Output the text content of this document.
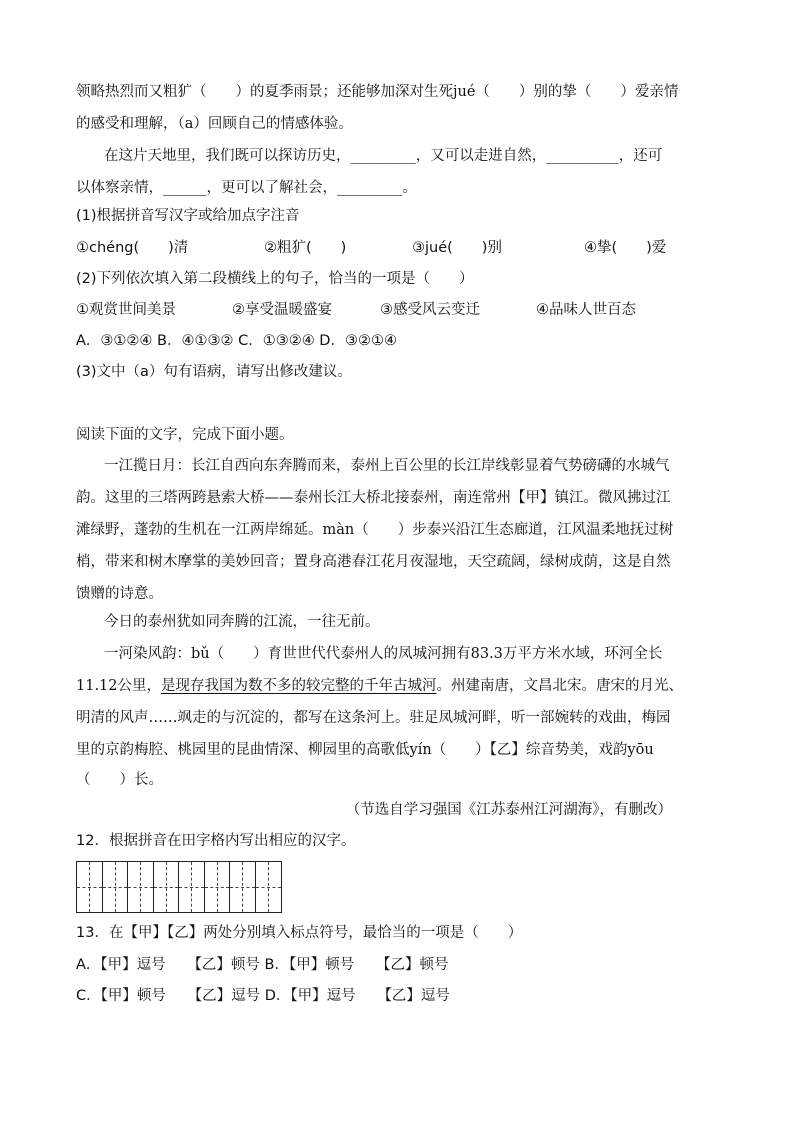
领略热烈而又粗犷（　　）的夏季雨景；还能够加深对生死jué（　　）别的挚（　　）爱亲情
的感受和理解，（a）回顾自己的情感体验。
在这片天地里，我们既可以探访历史，_________，又可以走进自然，__________，还可
以体察亲情，______，更可以了解社会，_________。
(1)根据拼音写汉字或给加点字注音
①chéng(　　)清	②粗犷(　　)	③jué(　　)别	④挚(　　)爱
(2)下列依次填入第二段横线上的句子，恰当的一项是（　　）
①观赏世间美景	②享受温暖盛宴	③感受风云变迁	④品味人世百态
A．③①②④ B．④①③② C．①③②④ D．③②①④
(3)文中（a）句有语病，请写出修改建议。
阅读下面的文字，完成下面小题。
一江揽日月：长江自西向东奔腾而来，泰州上百公里的长江岸线彰显着气势磅礴的水城气
韵。这里的三塔两跨悬索大桥——泰州长江大桥北接泰州，南连常州【甲】镇江。微风拂过江
滩绿野，蓬勃的生机在一江两岸绵延。màn（　　）步泰兴沿江生态廊道，江风温柔地抚过树
梢，带来和树木摩掌的美妙回音；置身高港春江花月夜湿地，天空疏阔，绿树成荫，这是自然
馈赠的诗意。
今日的泰州犹如同奔腾的江流，一往无前。
一河染风韵：bǔ（　　）育世世代代泰州人的凤城河拥有83.3万平方米水域，环河全长
11.12公里，是现存我国为数不多的较完整的千年古城河。州建南唐，文昌北宋。唐宋的月光、
明清的风声……飒走的与沉淀的，都写在这条河上。驻足凤城河畔，听一部婉转的戏曲，梅园
里的京韵梅腔、桃园里的昆曲情深、柳园里的高歌低yín（　　）【乙】综音势美，戏韵yōu
（　　）长。
（节选自学习强国《江苏泰州江河湖海》，有删改）
12．根据拼音在田字格内写出相应的汉字。
13．在【甲】【乙】两处分别填入标点符号，最恰当的一项是（　　）
A．【甲】逗号　　【乙】顿号 B．【甲】顿号　　【乙】顿号
C．【甲】顿号　　【乙】逗号 D．【甲】逗号　　【乙】逗号
